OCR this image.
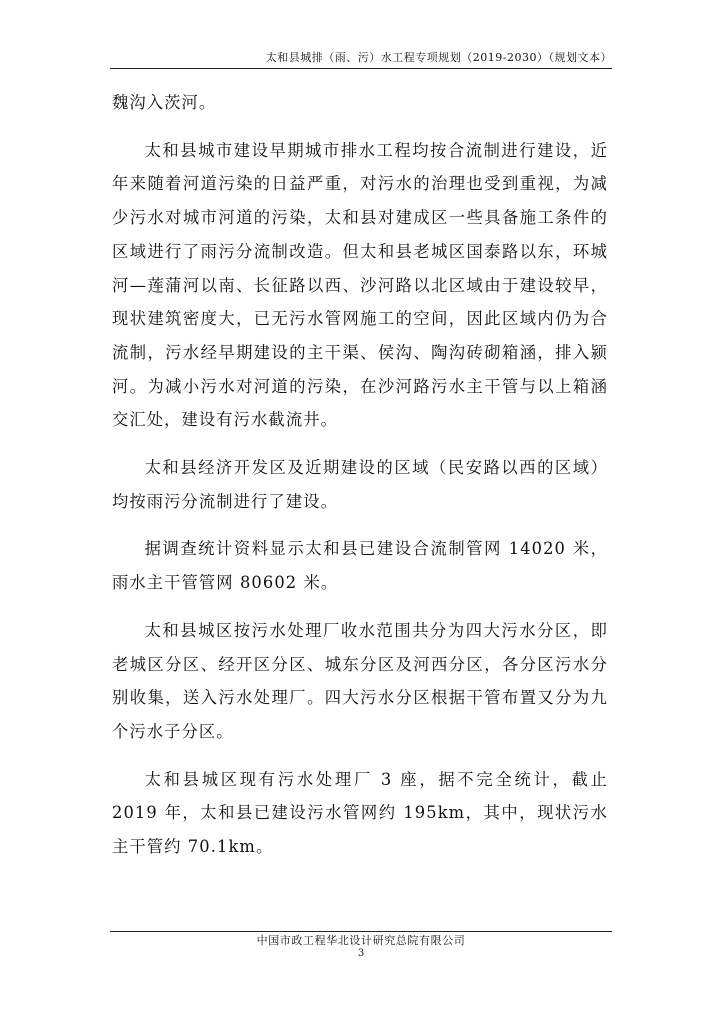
太和县城排（雨、污）水工程专项规划（2019-2030）（规划文本）

魏沟入茨河。

太和县城市建设早期城市排水工程均按合流制进行建设，近年来随着河道污染的日益严重，对污水的治理也受到重视，为减少污水对城市河道的污染，太和县对建成区一些具备施工条件的区域进行了雨污分流制改造。但太和县老城区国泰路以东，环城河—莲蒲河以南、长征路以西、沙河路以北区域由于建设较早，现状建筑密度大，已无污水管网施工的空间，因此区域内仍为合流制，污水经早期建设的主干渠、侯沟、陶沟砖砌箱涵，排入颍河。为减小污水对河道的污染，在沙河路污水主干管与以上箱涵交汇处，建设有污水截流井。

太和县经济开发区及近期建设的区域（民安路以西的区域）均按雨污分流制进行了建设。

据调查统计资料显示太和县已建设合流制管网 14020 米，雨水主干管管网 80602 米。

太和县城区按污水处理厂收水范围共分为四大污水分区，即老城区分区、经开区分区、城东分区及河西分区，各分区污水分别收集，送入污水处理厂。四大污水分区根据干管布置又分为九个污水子分区。

太和县城区现有污水处理厂 3 座，据不完全统计，截止 2019 年，太和县已建设污水管网约 195km，其中，现状污水主干管约 70.1km。

中国市政工程华北设计研究总院有限公司
3
